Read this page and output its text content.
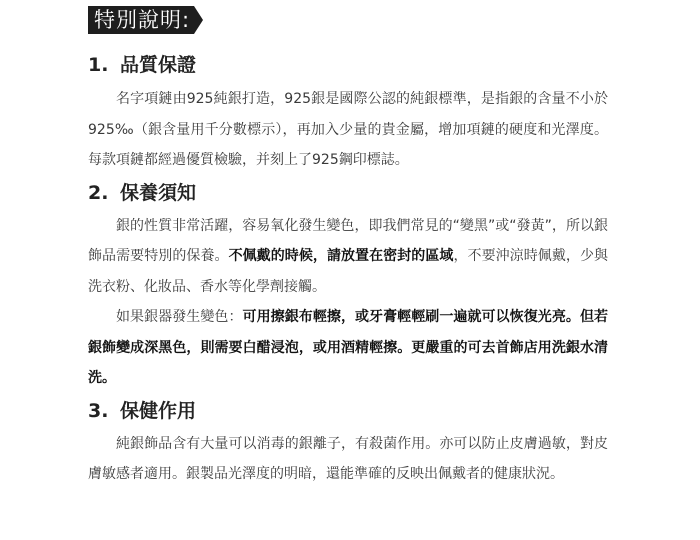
特別說明:
1. 品質保證

名字項鏈由925純銀打造，925銀是國際公認的純銀標準，是指銀的含量不小於925‰（銀含量用千分數標示），再加入少量的貴金屬，增加項鏈的硬度和光澤度。每款項鏈都經過優質檢驗，并刻上了925鋼印標誌。

2. 保養須知

銀的性質非常活躍，容易氧化發生變色，即我們常見的“變黑”或“發黃”，所以銀飾品需要特別的保養。不佩戴的時候，請放置在密封的區域，不要沖涼時佩戴，少與洗衣粉、化妝品、香水等化學劑接觸。

如果銀器發生變色：可用擦銀布輕擦，或牙膏輕輕刷一遍就可以恢復光亮。但若銀飾變成深黑色，則需要白醋浸泡，或用酒精輕擦。更嚴重的可去首飾店用洗銀水清洗。

3. 保健作用

純銀飾品含有大量可以消毒的銀離子，有殺菌作用。亦可以防止皮膚過敏，對皮膚敏感者適用。銀製品光澤度的明暗，還能準確的反映出佩戴者的健康狀況。
